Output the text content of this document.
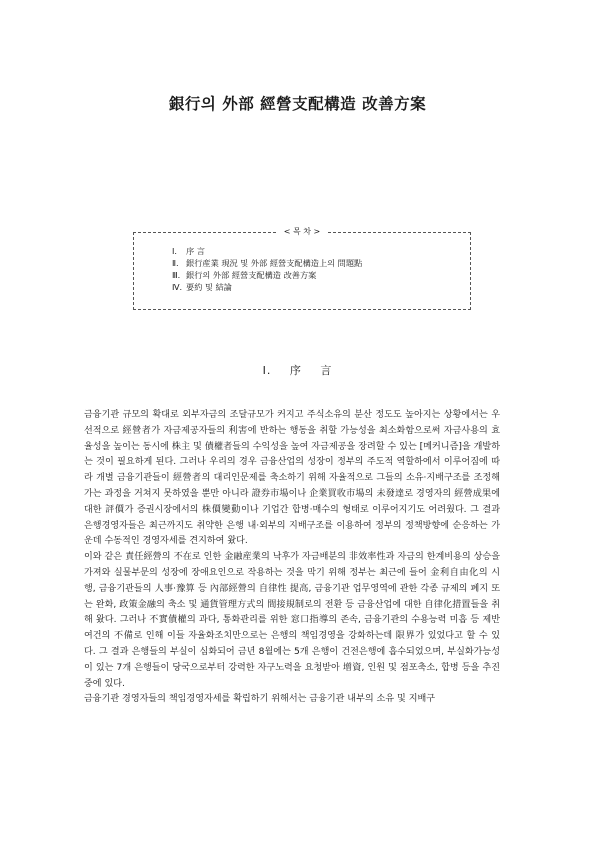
銀行의 外部 經營支配構造 改善方案
< 목 차 >
Ⅰ. 序 言
Ⅱ. 銀行産業 現況 및 外部 經營支配構造上의 問題點
Ⅲ. 銀行의 外部 經營支配構造 改善方案
Ⅳ. 要約 및 結論
Ⅰ. 序 言

금융기관 규모의 확대로 외부자금의 조달규모가 커지고 주식소유의 분산 정도도 높아지는 상황에서는 우선적으로 經營者가 자금제공자들의 利害에 반하는 행동을 취할 가능성을 최소화함으로써 자금사용의 효율성을 높이는 동시에 株主 및 債權者들의 수익성을 높여 자금제공을 장려할 수 있는 [메커니즘]을 개발하는 것이 필요하게 된다. 그러나 우리의 경우 금융산업의 성장이 정부의 주도적 역할하에서 이루어짐에 따라 개별 금융기관들이 經營者의 대리인문제를 축소하기 위해 자율적으로 그들의 소유·지배구조를 조정해 가는 과정을 거쳐지 못하였을 뿐만 아니라 證券市場이나 企業買收市場의 未發達로 경영자의 經營成果에 대한 評價가 증권시장에서의 株價變動이나 기업간 합병·매수의 형태로 이루어지기도 어려웠다. 그 결과 은행경영자들은 최근까지도 취약한 은행 내·외부의 지배구조를 이용하여 정부의 정책방향에 순응하는 가운데 수동적인 경영자세를 견지하여 왔다.

이와 같은 責任經營의 不在로 인한 金融産業의 낙후가 자금배분의 非效率性과 자금의 한계비용의 상승을 가져와 실물부문의 성장에 장애요인으로 작용하는 것을 막기 위해 정부는 최근에 들어 金利自由化의 시행, 금융기관들의 人事·豫算 등 內部經營의 自律性 提高, 금융기관 업무영역에 관한 각종 규제의 폐지 또는 완화, 政策金融의 축소 및 通貨管理方式의 間接規制로의 전환 등 금융산업에 대한 自律化措置들을 취해 왔다. 그러나 不實債權의 과다, 통화관리를 위한 窓口指導의 존속, 금융기관의 수용능력 미흡 등 제반 여건의 不備로 인해 이들 자율화조치만으로는 은행의 책임경영을 강화하는데 限界가 있었다고 할 수 있다. 그 결과 은행들의 부실이 심화되어 금년 8월에는 5개 은행이 건전은행에 흡수되었으며, 부실화가능성이 있는 7개 은행들이 당국으로부터 강력한 자구노력을 요청받아 增資, 인원 및 점포축소, 합병 등을 추진중에 있다.

금융기관 경영자들의 책임경영자세를 확립하기 위해서는 금융기관 내부의 소유 및 지배구
